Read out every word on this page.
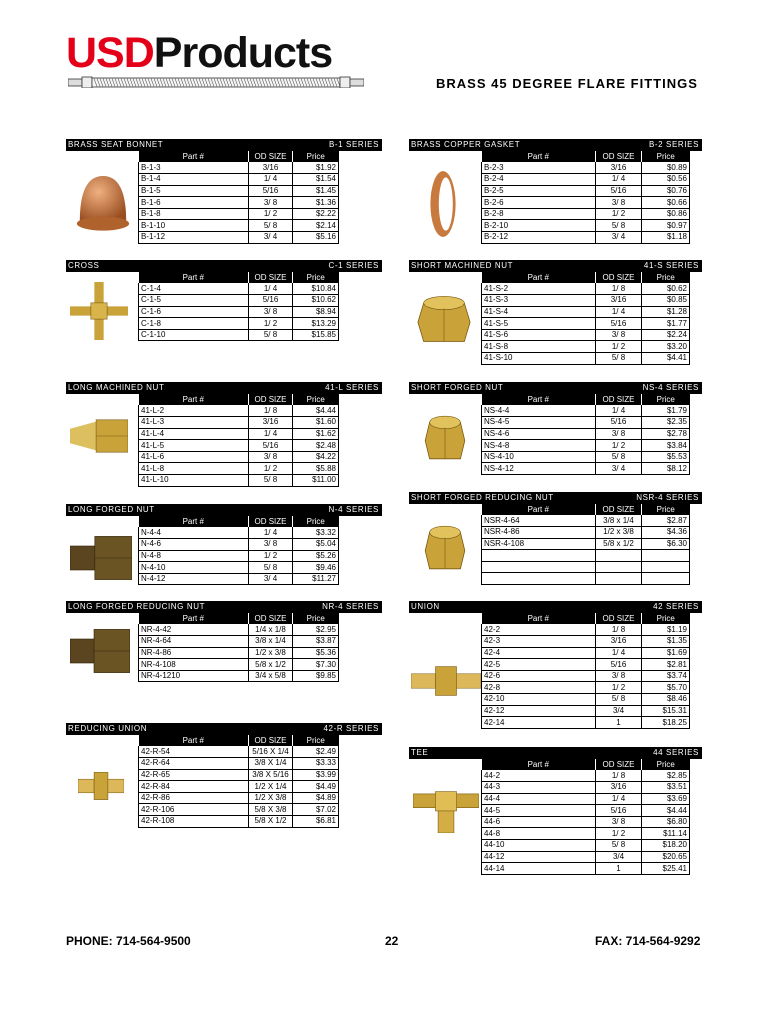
USDProducts
BRASS 45 DEGREE FLARE FITTINGS
BRASS SEAT BONNET	B-1 SERIES
Part #	OD SIZE	Price
B-1-3	3/16	$1.92
B-1-4	1/ 4	$1.54
B-1-5	5/16	$1.45
B-1-6	3/ 8	$1.36
B-1-8	1/ 2	$2.22
B-1-10	5/ 8	$2.14
B-1-12	3/ 4	$5.16
BRASS COPPER GASKET	B-2 SERIES
Part #	OD SIZE	Price
B-2-3	3/16	$0.89
B-2-4	1/ 4	$0.56
B-2-5	5/16	$0.76
B-2-6	3/ 8	$0.66
B-2-8	1/ 2	$0.86
B-2-10	5/ 8	$0.97
B-2-12	3/ 4	$1.18
CROSS	C-1 SERIES
Part #	OD SIZE	Price
C-1-4	1/ 4	$10.84
C-1-5	5/16	$10.62
C-1-6	3/ 8	$8.94
C-1-8	1/ 2	$13.29
C-1-10	5/ 8	$15.85
SHORT MACHINED NUT	41-S SERIES
Part #	OD SIZE	Price
41-S-2	1/ 8	$0.62
41-S-3	3/16	$0.85
41-S-4	1/ 4	$1.28
41-S-5	5/16	$1.77
41-S-6	3/ 8	$2.24
41-S-8	1/ 2	$3.20
41-S-10	5/ 8	$4.41
LONG MACHINED NUT	41-L SERIES
Part #	OD SIZE	Price
41-L-2	1/ 8	$4.44
41-L-3	3/16	$1.60
41-L-4	1/ 4	$1.62
41-L-5	5/16	$2.48
41-L-6	3/ 8	$4.22
41-L-8	1/ 2	$5.88
41-L-10	5/ 8	$11.00
SHORT FORGED NUT	NS-4 SERIES
Part #	OD SIZE	Price
NS-4-4	1/ 4	$1.79
NS-4-5	5/16	$2.35
NS-4-6	3/ 8	$2.78
NS-4-8	1/ 2	$3.84
NS-4-10	5/ 8	$5.53
NS-4-12	3/ 4	$8.12
SHORT FORGED REDUCING NUT	NSR-4 SERIES
Part #	OD SIZE	Price
NSR-4-64	3/8 x 1/4	$2.87
NSR-4-86	1/2 x 3/8	$4.36
NSR-4-108	5/8 x 1/2	$6.30

LONG FORGED NUT	N-4 SERIES
Part #	OD SIZE	Price
N-4-4	1/ 4	$3.32
N-4-6	3/ 8	$5.04
N-4-8	1/ 2	$5.26
N-4-10	5/ 8	$9.46
N-4-12	3/ 4	$11.27
LONG FORGED REDUCING NUT	NR-4 SERIES
Part #	OD SIZE	Price
NR-4-42	1/4 x 1/8	$2.95
NR-4-64	3/8 x 1/4	$3.87
NR-4-86	1/2 x 3/8	$5.36
NR-4-108	5/8 x 1/2	$7.30
NR-4-1210	3/4 x 5/8	$9.85
UNION	42 SERIES
Part #	OD SIZE	Price
42-2	1/ 8	$1.19
42-3	3/16	$1.35
42-4	1/ 4	$1.69
42-5	5/16	$2.81
42-6	3/ 8	$3.74
42-8	1/ 2	$5.70
42-10	5/ 8	$8.46
42-12	3/4	$15.31
42-14	1	$18.25
REDUCING UNION	42-R SERIES
Part #	OD SIZE	Price
42-R-54	5/16 X 1/4	$2.49
42-R-64	3/8 X 1/4	$3.33
42-R-65	3/8 X 5/16	$3.99
42-R-84	1/2 X 1/4	$4.49
42-R-86	1/2 X 3/8	$4.89
42-R-106	5/8 X 3/8	$7.02
42-R-108	5/8 X 1/2	$6.81
TEE	44 SERIES
Part #	OD SIZE	Price
44-2	1/ 8	$2.85
44-3	3/16	$3.51
44-4	1/ 4	$3.69
44-5	5/16	$4.44
44-6	3/ 8	$6.80
44-8	1/ 2	$11.14
44-10	5/ 8	$18.20
44-12	3/4	$20.65
44-14	1	$25.41
PHONE: 714-564-9500	22	FAX: 714-564-9292
